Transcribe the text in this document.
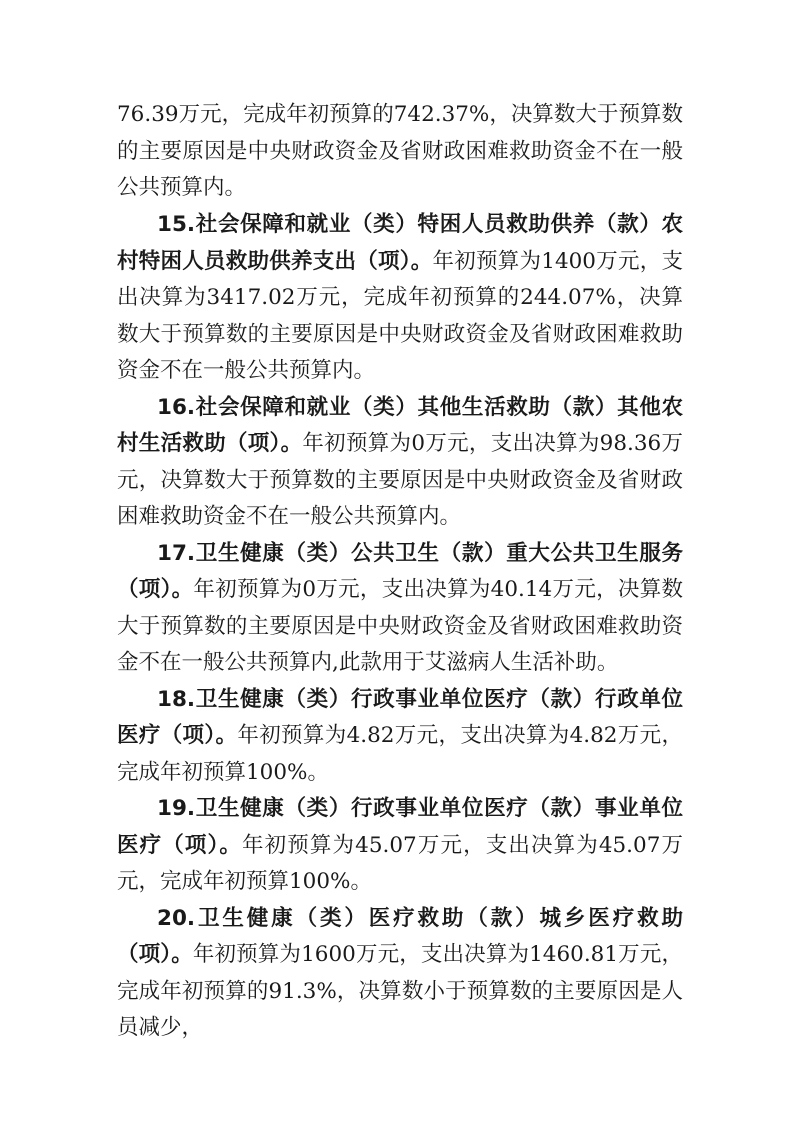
76.39万元，完成年初预算的742.37%，决算数大于预算数的主要原因是中央财政资金及省财政困难救助资金不在一般公共预算内。

15.社会保障和就业（类）特困人员救助供养（款）农村特困人员救助供养支出（项）。年初预算为1400万元，支出决算为3417.02万元，完成年初预算的244.07%，决算数大于预算数的主要原因是中央财政资金及省财政困难救助资金不在一般公共预算内。

16.社会保障和就业（类）其他生活救助（款）其他农村生活救助（项）。年初预算为0万元，支出决算为98.36万元，决算数大于预算数的主要原因是中央财政资金及省财政困难救助资金不在一般公共预算内。

17.卫生健康（类）公共卫生（款）重大公共卫生服务（项）。年初预算为0万元，支出决算为40.14万元，决算数大于预算数的主要原因是中央财政资金及省财政困难救助资金不在一般公共预算内,此款用于艾滋病人生活补助。

18.卫生健康（类）行政事业单位医疗（款）行政单位医疗（项）。年初预算为4.82万元，支出决算为4.82万元，完成年初预算100%。

19.卫生健康（类）行政事业单位医疗（款）事业单位医疗（项）。年初预算为45.07万元，支出决算为45.07万元，完成年初预算100%。

20.卫生健康（类）医疗救助（款）城乡医疗救助（项）。年初预算为1600万元，支出决算为1460.81万元，完成年初预算的91.3%，决算数小于预算数的主要原因是人员减少，
